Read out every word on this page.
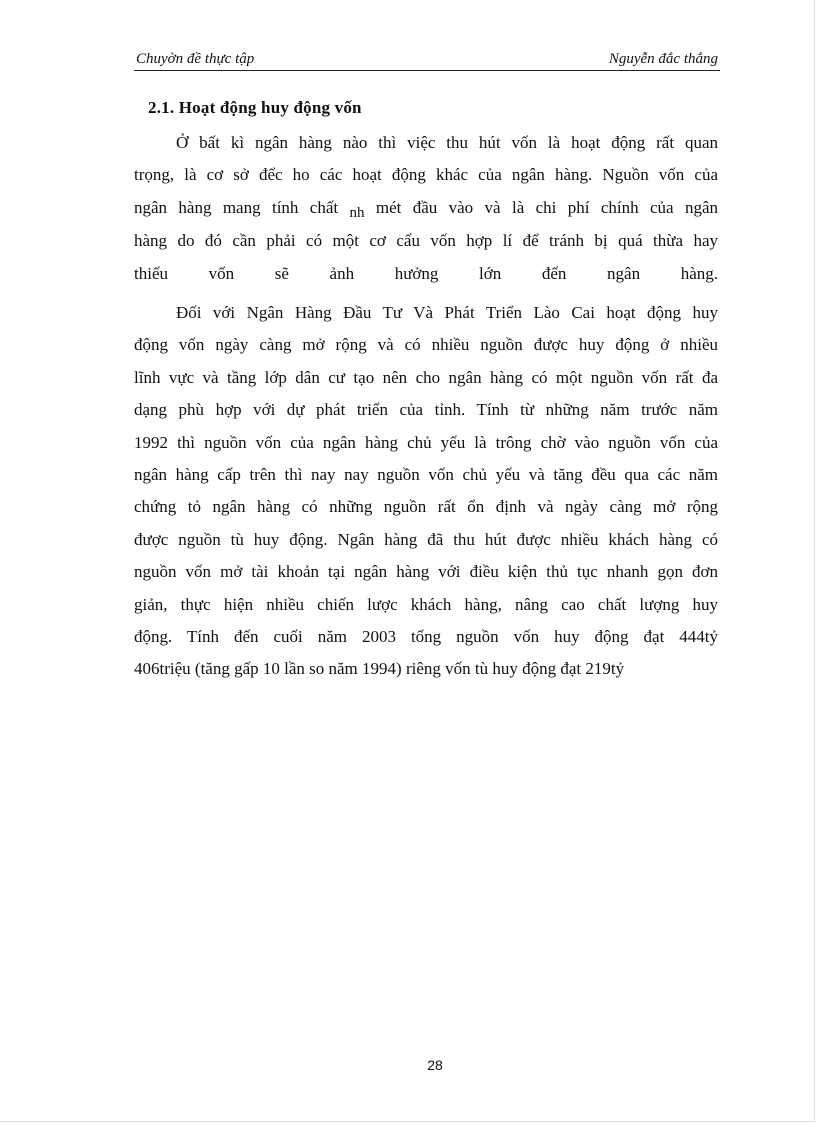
Chuyờn đề thực tập	Nguyễn đắc thắng
2.1. Hoạt động huy động vốn
Ở bất kì ngân hàng nào thì việc thu hút vốn là hoạt động rất quan
trọng, là cơ sở đểc ho các hoạt động khác của ngân hàng. Nguồn vốn của
ngân hàng mang tính chất nh mét đầu vào và là chi phí chính của ngân
hàng do đó cần phải có một cơ cấu vốn hợp lí để tránh bị quá thừa hay
thiếu vốn sẽ ảnh hưởng lớn đến ngân hàng.
Đối với Ngân Hàng Đầu Tư Và Phát Triển Lào Cai hoạt động huy
động vốn ngày càng mở rộng và có nhiều nguồn được huy động ở nhiều
lĩnh vực và tầng lớp dân cư tạo nên cho ngân hàng có một nguồn vốn rất đa
dạng phù hợp với dự phát triển của tỉnh. Tính từ những năm trước năm
1992 thì nguồn vốn của ngân hàng chủ yếu là trông chờ vào nguồn vốn của
ngân hàng cấp trên thì nay nay nguồn vốn chủ yếu và tăng đều qua các năm
chứng tỏ ngân hàng có những nguồn rất ổn định và ngày càng mở rộng
được nguồn tù huy động. Ngân hàng đã thu hút được nhiều khách hàng có
nguồn vốn mở tài khoản tại ngân hàng với điều kiện thủ tục nhanh gọn đơn
giản, thực hiện nhiều chiến lược khách hàng, nâng cao chất lượng huy
động. Tính đến cuối năm 2003 tổng nguồn vốn huy động đạt 444tỷ
406triệu (tăng gấp 10 lần so năm 1994) riêng vốn tù huy động đạt 219tỷ
28
